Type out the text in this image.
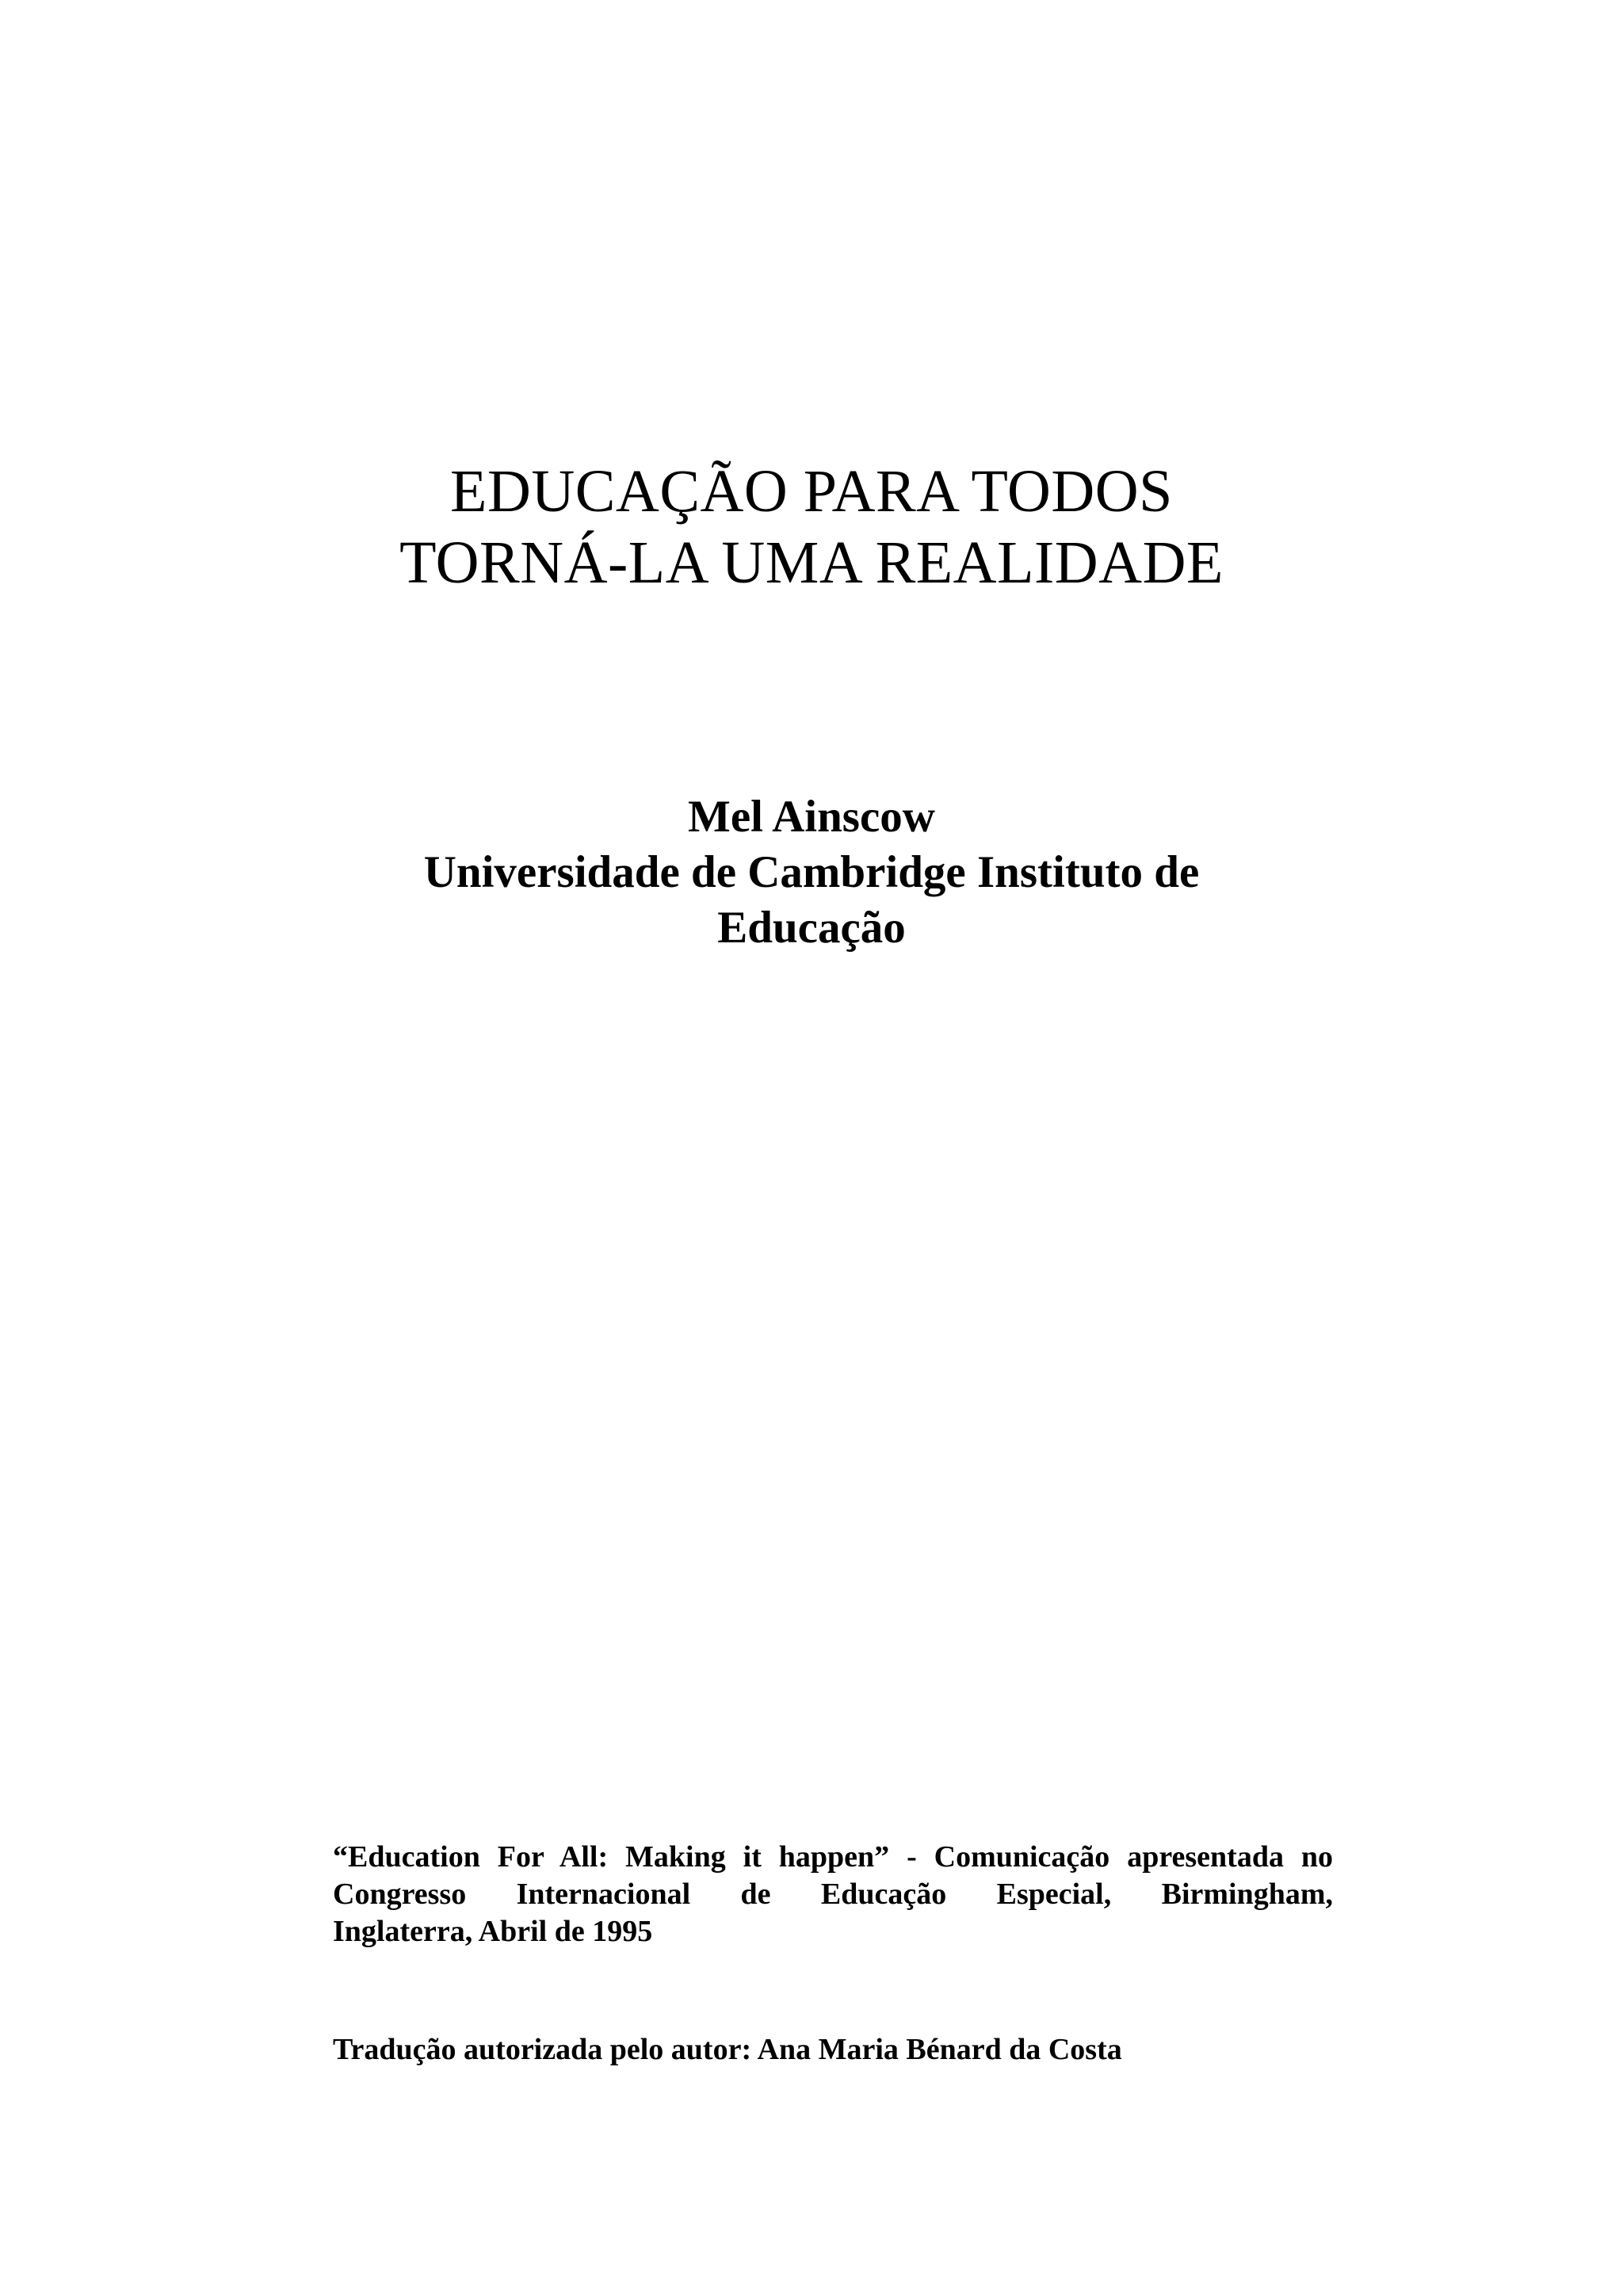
EDUCAÇÃO PARA TODOS
TORNÁ-LA UMA REALIDADE
Mel Ainscow
Universidade de Cambridge Instituto de
Educação
“Education For All: Making it happen” - Comunicação apresentada no
Congresso Internacional de Educação Especial, Birmingham,
Inglaterra, Abril de 1995
Tradução autorizada pelo autor: Ana Maria Bénard da Costa
